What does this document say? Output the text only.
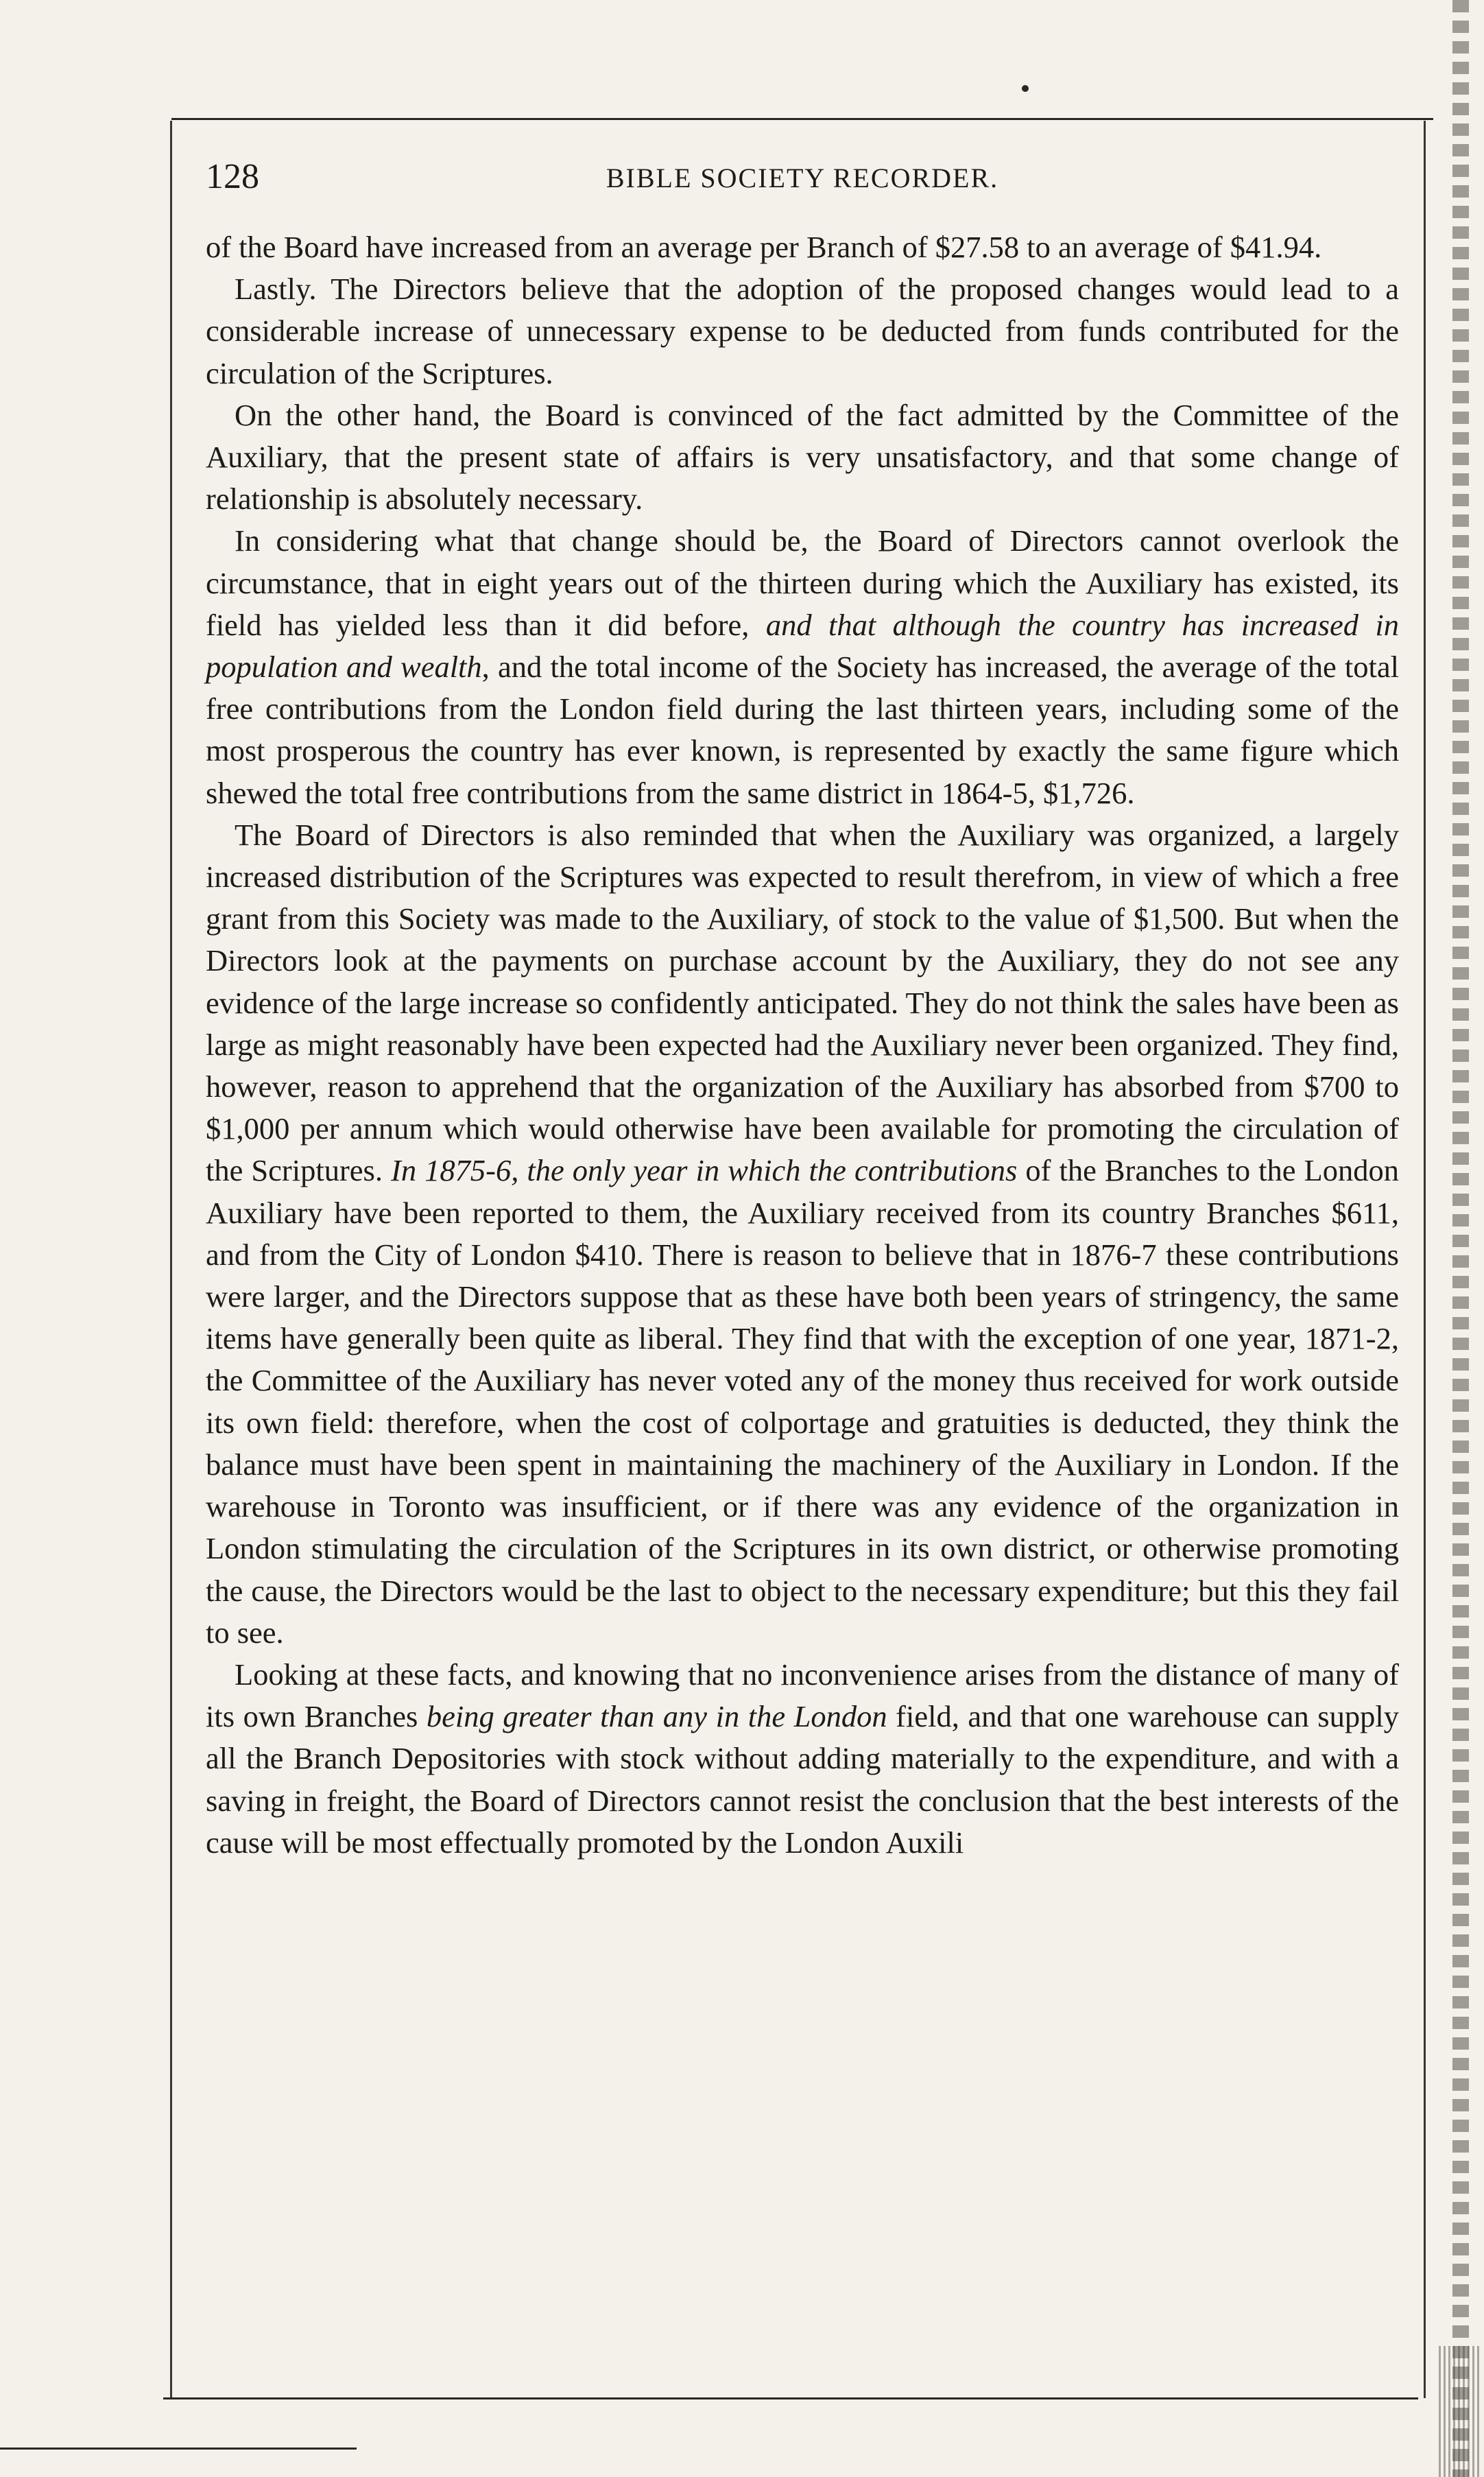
128	BIBLE SOCIETY RECORDER.

of the Board have increased from an average per Branch of $27.58 to an average of $41.94.

Lastly. The Directors believe that the adoption of the proposed changes would lead to a considerable increase of unnecessary expense to be deducted from funds contributed for the circulation of the Scriptures.

On the other hand, the Board is convinced of the fact admitted by the Committee of the Auxiliary, that the present state of affairs is very unsatisfactory, and that some change of relationship is absolutely necessary.

In considering what that change should be, the Board of Directors cannot overlook the circumstance, that in eight years out of the thirteen during which the Auxiliary has existed, its field has yielded less than it did before, and that although the country has increased in population and wealth, and the total income of the Society has increased, the average of the total free contributions from the London field during the last thirteen years, including some of the most prosperous the country has ever known, is represented by exactly the same figure which shewed the total free contributions from the same district in 1864-5, $1,726.

The Board of Directors is also reminded that when the Auxiliary was organized, a largely increased distribution of the Scriptures was expected to result therefrom, in view of which a free grant from this Society was made to the Auxiliary, of stock to the value of $1,500. But when the Directors look at the payments on purchase account by the Auxiliary, they do not see any evidence of the large increase so confidently anticipated. They do not think the sales have been as large as might reasonably have been expected had the Auxiliary never been organized. They find, however, reason to apprehend that the organization of the Auxiliary has absorbed from $700 to $1,000 per annum which would otherwise have been available for promoting the circulation of the Scriptures. In 1875-6, the only year in which the contributions of the Branches to the London Auxiliary have been reported to them, the Auxiliary received from its country Branches $611, and from the City of London $410. There is reason to believe that in 1876-7 these contributions were larger, and the Directors suppose that as these have both been years of stringency, the same items have generally been quite as liberal. They find that with the exception of one year, 1871-2, the Committee of the Auxiliary has never voted any of the money thus received for work outside its own field: therefore, when the cost of colportage and gratuities is deducted, they think the balance must have been spent in maintaining the machinery of the Auxiliary in London. If the warehouse in Toronto was insufficient, or if there was any evidence of the organization in London stimulating the circulation of the Scriptures in its own district, or otherwise promoting the cause, the Directors would be the last to object to the necessary expenditure; but this they fail to see.

Looking at these facts, and knowing that no inconvenience arises from the distance of many of its own Branches being greater than any in the London field, and that one warehouse can supply all the Branch Depositories with stock without adding materially to the expenditure, and with a saving in freight, the Board of Directors cannot resist the conclusion that the best interests of the cause will be most effectually promoted by the London Auxili
